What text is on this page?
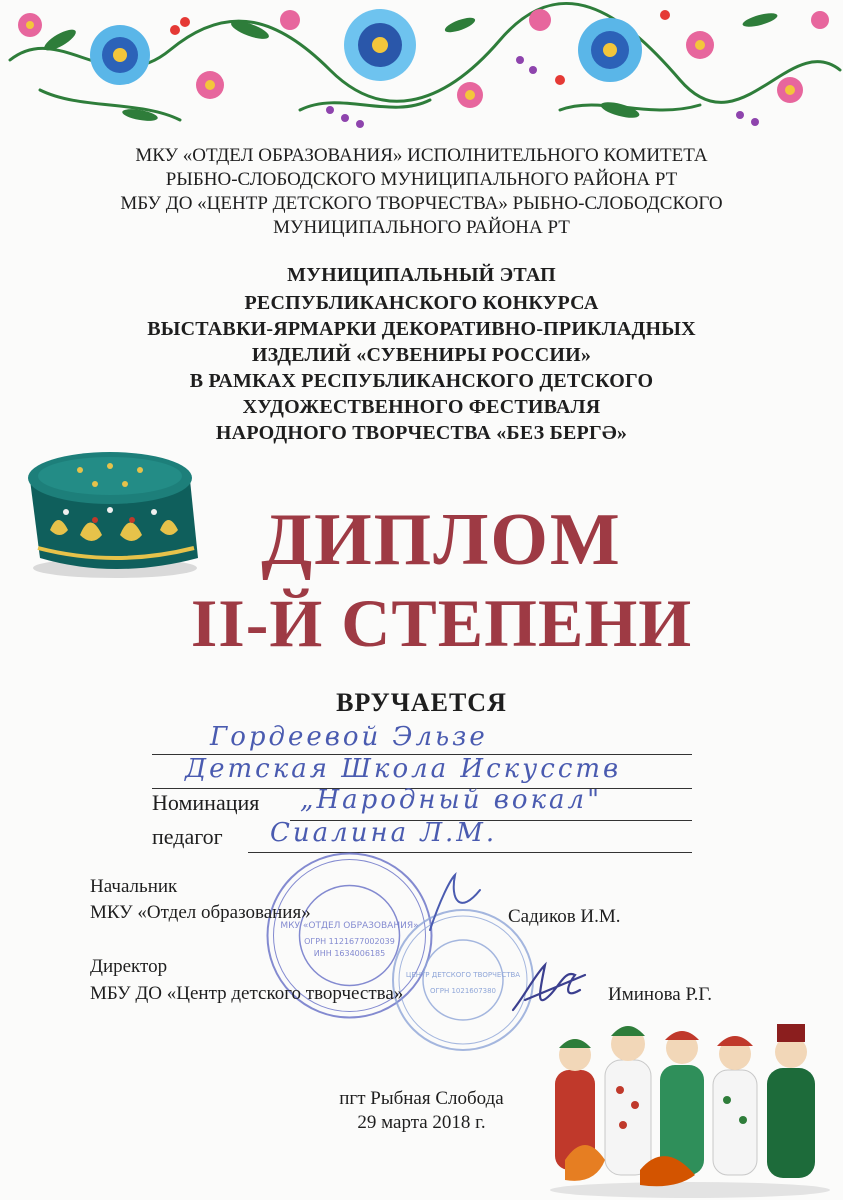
МКУ «ОТДЕЛ ОБРАЗОВАНИЯ» ИСПОЛНИТЕЛЬНОГО КОМИТЕТА
РЫБНО-СЛОБОДСКОГО МУНИЦИПАЛЬНОГО РАЙОНА РТ
МБУ ДО «ЦЕНТР ДЕТСКОГО ТВОРЧЕСТВА» РЫБНО-СЛОБОДСКОГО
МУНИЦИПАЛЬНОГО РАЙОНА РТ
МУНИЦИПАЛЬНЫЙ ЭТАП
РЕСПУБЛИКАНСКОГО КОНКУРСА
ВЫСТАВКИ-ЯРМАРКИ ДЕКОРАТИВНО-ПРИКЛАДНЫХ
ИЗДЕЛИЙ «СУВЕНИРЫ РОССИИ»
В РАМКАХ РЕСПУБЛИКАНСКОГО ДЕТСКОГО
ХУДОЖЕСТВЕННОГО ФЕСТИВАЛЯ
НАРОДНОГО ТВОРЧЕСТВА «БЕЗ БЕРГӘ»
ДИПЛОМ
II-Й СТЕПЕНИ
ВРУЧАЕТСЯ
Гордеевой Эльзе
Детская Школа Искусств
Номинация „Народный вокал"
педагог Сиалина Л.М.
МКУ «ОТДЕЛ ОБРАЗОВАНИЯ»
ОГРН 1121677002039
ИНН 1634006185
ЦЕНТР ДЕТСКОГО ТВОРЧЕСТВА
ОГРН 1021607380
Начальник
МКУ «Отдел образования»	Садиков И.М.
Директор
МБУ ДО «Центр детского творчества»	Иминова Р.Г.
пгт Рыбная Слобода
29 марта 2018 г.
